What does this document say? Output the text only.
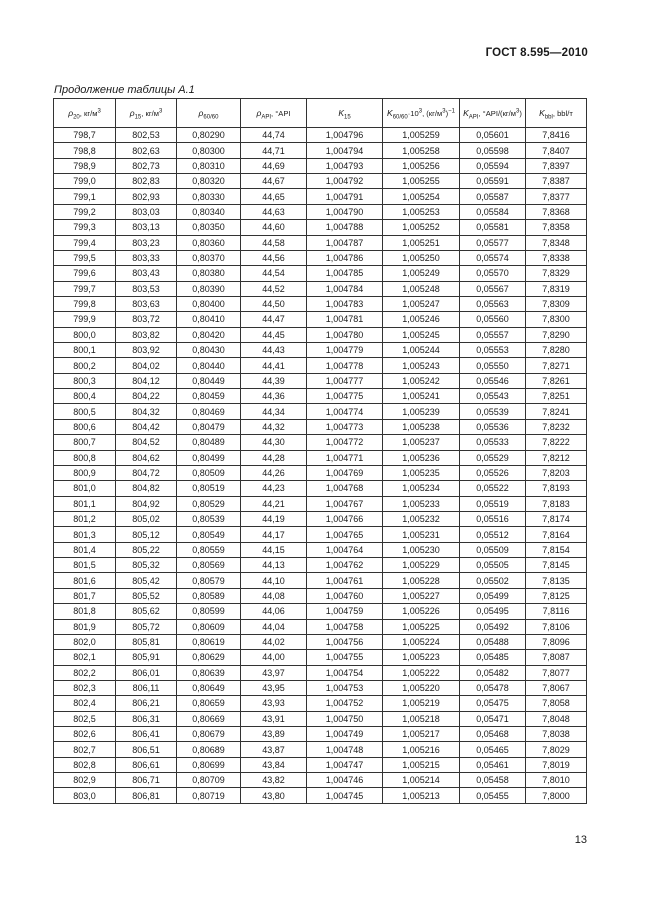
ГОСТ 8.595—2010
Продолжение таблицы А.1
$\rho_{20}$, $кг/м^3$	$\rho_{15}$, $кг/м^3$	$\rho_{60/60}$	$\rho_{API}$, °API	$K_{15}$	$K_{60/60}\cdot 10^3$, $(кг/м^3)^{-1}$	$K_{API}$, $^\circ API/(кг/м^3)$	$K_{bbl}$, bbl/т
798,7	802,53	0,80290	44,74	1,004796	1,005259	0,05601	7,8416
798,8	802,63	0,80300	44,71	1,004794	1,005258	0,05598	7,8407
798,9	802,73	0,80310	44,69	1,004793	1,005256	0,05594	7,8397
799,0	802,83	0,80320	44,67	1,004792	1,005255	0,05591	7,8387
799,1	802,93	0,80330	44,65	1,004791	1,005254	0,05587	7,8377
799,2	803,03	0,80340	44,63	1,004790	1,005253	0,05584	7,8368
799,3	803,13	0,80350	44,60	1,004788	1,005252	0,05581	7,8358
799,4	803,23	0,80360	44,58	1,004787	1,005251	0,05577	7,8348
799,5	803,33	0,80370	44,56	1,004786	1,005250	0,05574	7,8338
799,6	803,43	0,80380	44,54	1,004785	1,005249	0,05570	7,8329
799,7	803,53	0,80390	44,52	1,004784	1,005248	0,05567	7,8319
799,8	803,63	0,80400	44,50	1,004783	1,005247	0,05563	7,8309
799,9	803,72	0,80410	44,47	1,004781	1,005246	0,05560	7,8300
800,0	803,82	0,80420	44,45	1,004780	1,005245	0,05557	7,8290
800,1	803,92	0,80430	44,43	1,004779	1,005244	0,05553	7,8280
800,2	804,02	0,80440	44,41	1,004778	1,005243	0,05550	7,8271
800,3	804,12	0,80449	44,39	1,004777	1,005242	0,05546	7,8261
800,4	804,22	0,80459	44,36	1,004775	1,005241	0,05543	7,8251
800,5	804,32	0,80469	44,34	1,004774	1,005239	0,05539	7,8241
800,6	804,42	0,80479	44,32	1,004773	1,005238	0,05536	7,8232
800,7	804,52	0,80489	44,30	1,004772	1,005237	0,05533	7,8222
800,8	804,62	0,80499	44,28	1,004771	1,005236	0,05529	7,8212
800,9	804,72	0,80509	44,26	1,004769	1,005235	0,05526	7,8203
801,0	804,82	0,80519	44,23	1,004768	1,005234	0,05522	7,8193
801,1	804,92	0,80529	44,21	1,004767	1,005233	0,05519	7,8183
801,2	805,02	0,80539	44,19	1,004766	1,005232	0,05516	7,8174
801,3	805,12	0,80549	44,17	1,004765	1,005231	0,05512	7,8164
801,4	805,22	0,80559	44,15	1,004764	1,005230	0,05509	7,8154
801,5	805,32	0,80569	44,13	1,004762	1,005229	0,05505	7,8145
801,6	805,42	0,80579	44,10	1,004761	1,005228	0,05502	7,8135
801,7	805,52	0,80589	44,08	1,004760	1,005227	0,05499	7,8125
801,8	805,62	0,80599	44,06	1,004759	1,005226	0,05495	7,8116
801,9	805,72	0,80609	44,04	1,004758	1,005225	0,05492	7,8106
802,0	805,81	0,80619	44,02	1,004756	1,005224	0,05488	7,8096
802,1	805,91	0,80629	44,00	1,004755	1,005223	0,05485	7,8087
802,2	806,01	0,80639	43,97	1,004754	1,005222	0,05482	7,8077
802,3	806,11	0,80649	43,95	1,004753	1,005220	0,05478	7,8067
802,4	806,21	0,80659	43,93	1,004752	1,005219	0,05475	7,8058
802,5	806,31	0,80669	43,91	1,004750	1,005218	0,05471	7,8048
802,6	806,41	0,80679	43,89	1,004749	1,005217	0,05468	7,8038
802,7	806,51	0,80689	43,87	1,004748	1,005216	0,05465	7,8029
802,8	806,61	0,80699	43,84	1,004747	1,005215	0,05461	7,8019
802,9	806,71	0,80709	43,82	1,004746	1,005214	0,05458	7,8010
803,0	806,81	0,80719	43,80	1,004745	1,005213	0,05455	7,8000
13
